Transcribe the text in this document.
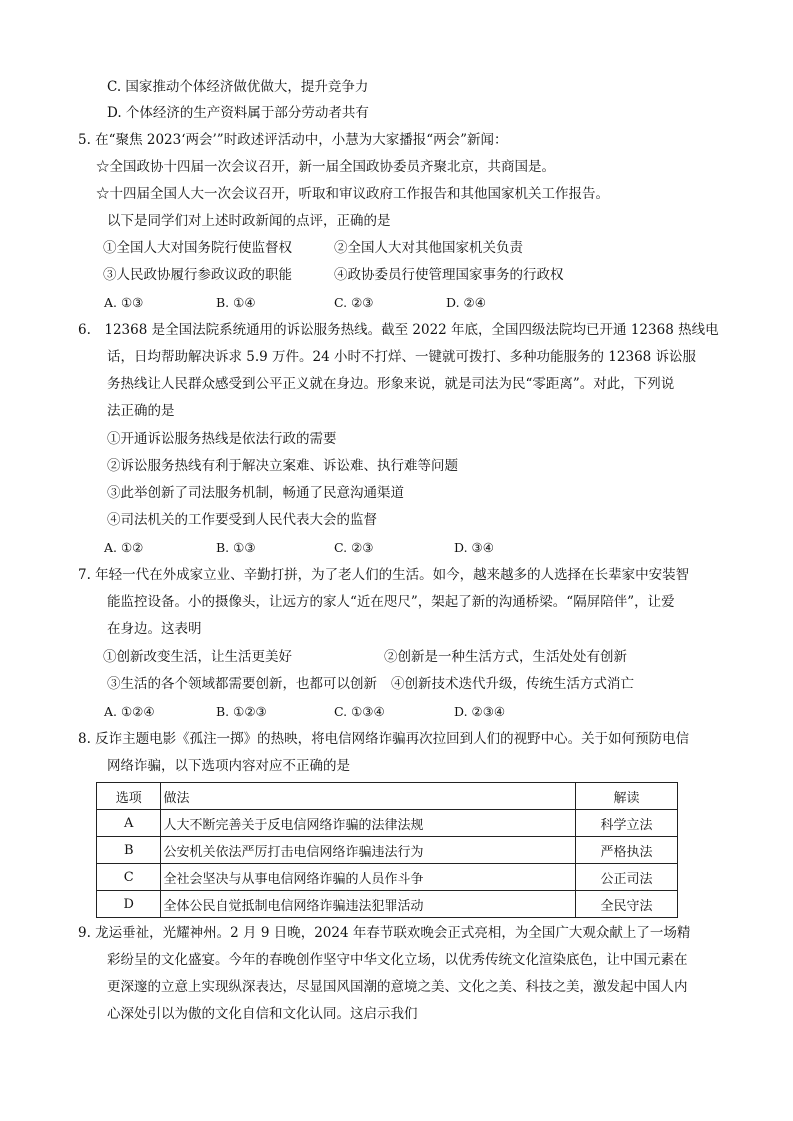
C. 国家推动个体经济做优做大，提升竞争力
D. 个体经济的生产资料属于部分劳动者共有
5. 在“聚焦 2023‘两会’”时政述评活动中，小慧为大家播报“两会”新闻：
☆全国政协十四届一次会议召开，新一届全国政协委员齐聚北京，共商国是。
☆十四届全国人大一次会议召开，听取和审议政府工作报告和其他国家机关工作报告。
以下是同学们对上述时政新闻的点评，正确的是
①全国人大对国务院行使监督权	②全国人大对其他国家机关负责
③人民政协履行参政议政的职能	④政协委员行使管理国家事务的行政权
A. ①③	B. ①④	C. ②③	D. ②④
6.　12368 是全国法院系统通用的诉讼服务热线。截至 2022 年底，全国四级法院均已开通 12368 热线电
话，日均帮助解决诉求 5.9 万件。24 小时不打烊、一键就可拨打、多种功能服务的 12368 诉讼服
务热线让人民群众感受到公平正义就在身边。形象来说，就是司法为民“零距离”。对此，下列说
法正确的是
①开通诉讼服务热线是依法行政的需要
②诉讼服务热线有利于解决立案难、诉讼难、执行难等问题
③此举创新了司法服务机制，畅通了民意沟通渠道
④司法机关的工作要受到人民代表大会的监督
A. ①②	B. ①③	C. ②③	D. ③④
7. 年轻一代在外成家立业、辛勤打拼，为了老人们的生活。如今，越来越多的人选择在长辈家中安装智
能监控设备。小的摄像头，让远方的家人“近在咫尺”，架起了新的沟通桥梁。“隔屏陪伴”，让爱
在身边。这表明
①创新改变生活，让生活更美好	②创新是一种生活方式，生活处处有创新
③生活的各个领域都需要创新，也都可以创新 ④创新技术迭代升级，传统生活方式消亡
A. ①②④	B. ①②③	C. ①③④	D. ②③④
8. 反诈主题电影《孤注一掷》的热映，将电信网络诈骗再次拉回到人们的视野中心。关于如何预防电信
网络诈骗，以下选项内容对应不正确的是
选项	做法	解读
A	人大不断完善关于反电信网络诈骗的法律法规	科学立法
B	公安机关依法严厉打击电信网络诈骗违法行为	严格执法
C	全社会坚决与从事电信网络诈骗的人员作斗争	公正司法
D	全体公民自觉抵制电信网络诈骗违法犯罪活动	全民守法
9. 龙运垂祉，光耀神州。2 月 9 日晚，2024 年春节联欢晚会正式亮相，为全国广大观众献上了一场精
彩纷呈的文化盛宴。今年的春晚创作坚守中华文化立场，以优秀传统文化渲染底色，让中国元素在
更深邃的立意上实现纵深表达，尽显国风国潮的意境之美、文化之美、科技之美，激发起中国人内
心深处引以为傲的文化自信和文化认同。这启示我们
